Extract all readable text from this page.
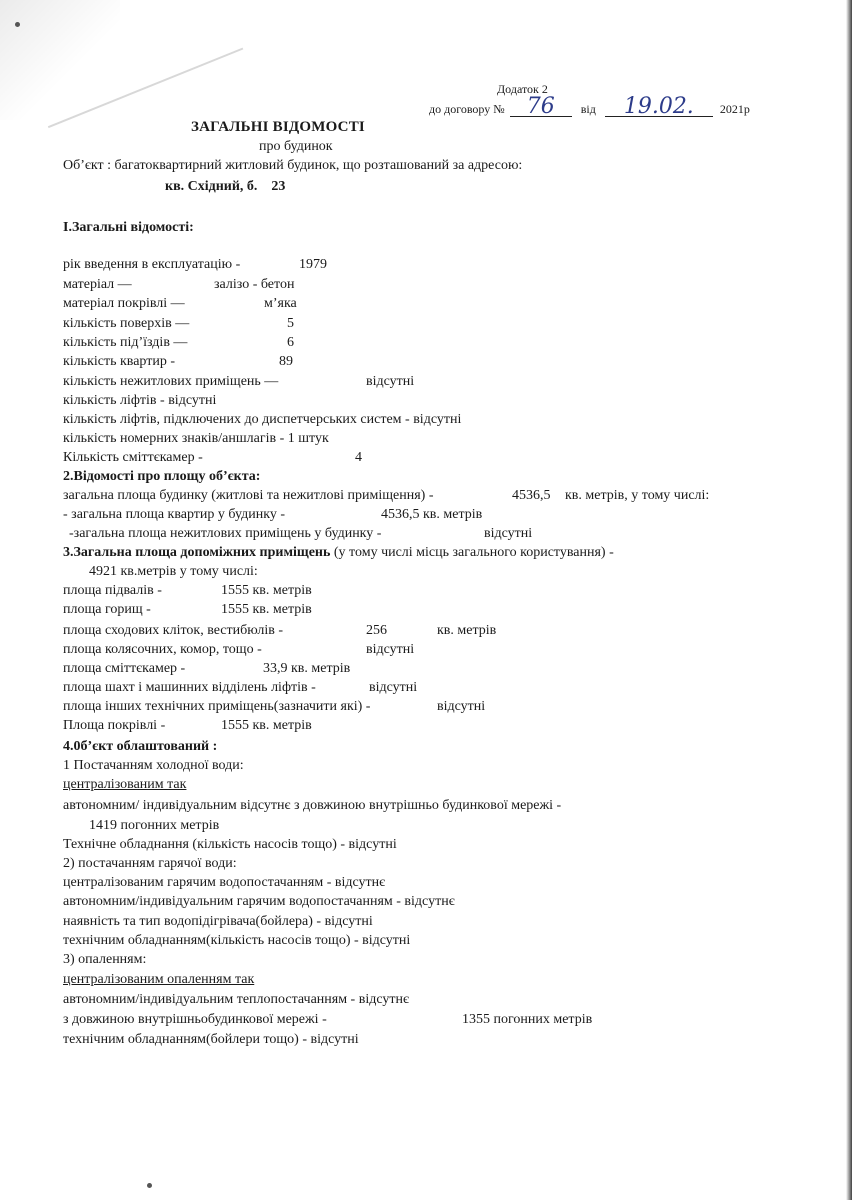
Додаток 2
до договору № 76 від 19.02. 2021р
ЗАГАЛЬНІ ВІДОМОСТІ
про будинок
Об’єкт : багатоквартирний житловий будинок, що розташований за адресою:
кв. Східний, б. 23
I.Загальні відомості:
рік введення в експлуатацію -	1979
матеріал —	залізо - бетон
матеріал покрівлі —	м’яка
кількість поверхів —	5
кількість під’їздів —	6
кількість квартир -	89
кількість нежитлових приміщень —	відсутні
кількість ліфтів - відсутні
кількість ліфтів, підключених до диспетчерських систем - відсутні
кількість номерних знаків/аншлагів - 1 штук
Кількість сміттєкамер -	4
2.Відомості про площу об’єкта:
загальна площа будинку (житлові та нежитлові приміщення) -	4536,5 кв. метрів, у тому числі:
- загальна площа квартир у будинку -	4536,5 кв. метрів
-загальна площа нежитлових приміщень у будинку -	відсутні
3.Загальна площа допоміжних приміщень (у тому числі місць загального користування) -
4921 кв.метрів у тому числі:
площа підвалів -	1555 кв. метрів
площа горищ -	1555 кв. метрів
площа сходових кліток, вестибюлів -	256	кв. метрів
площа колясочних, комор, тощо -	відсутні
площа сміттєкамер -	33,9 кв. метрів
площа шахт і машинних відділень ліфтів -	відсутні
площа інших технічних приміщень(зазначити які) -	відсутні
Площа покрівлі -	1555 кв. метрів
4.0б’єкт облаштований :
1 Постачанням холодної води:
централізованим так
автономним/ індивідуальним відсутнє з довжиною внутрішньо будинкової мережі -
1419 погонних метрів
Технічне обладнання (кількість насосів тощо) - відсутні
2) постачанням гарячої води:
централізованим гарячим водопостачанням - відсутнє
автономним/індивідуальним гарячим водопостачанням - відсутнє
наявність та тип водопідігрівача(бойлера) - відсутні
технічним обладнанням(кількість насосів тощо) - відсутні
3) опаленням:
централізованим опаленням так
автономним/індивідуальним теплопостачанням - відсутнє
з довжиною внутрішньобудинкової мережі -	1355 погонних метрів
технічним обладнанням(бойлери тощо) - відсутні
